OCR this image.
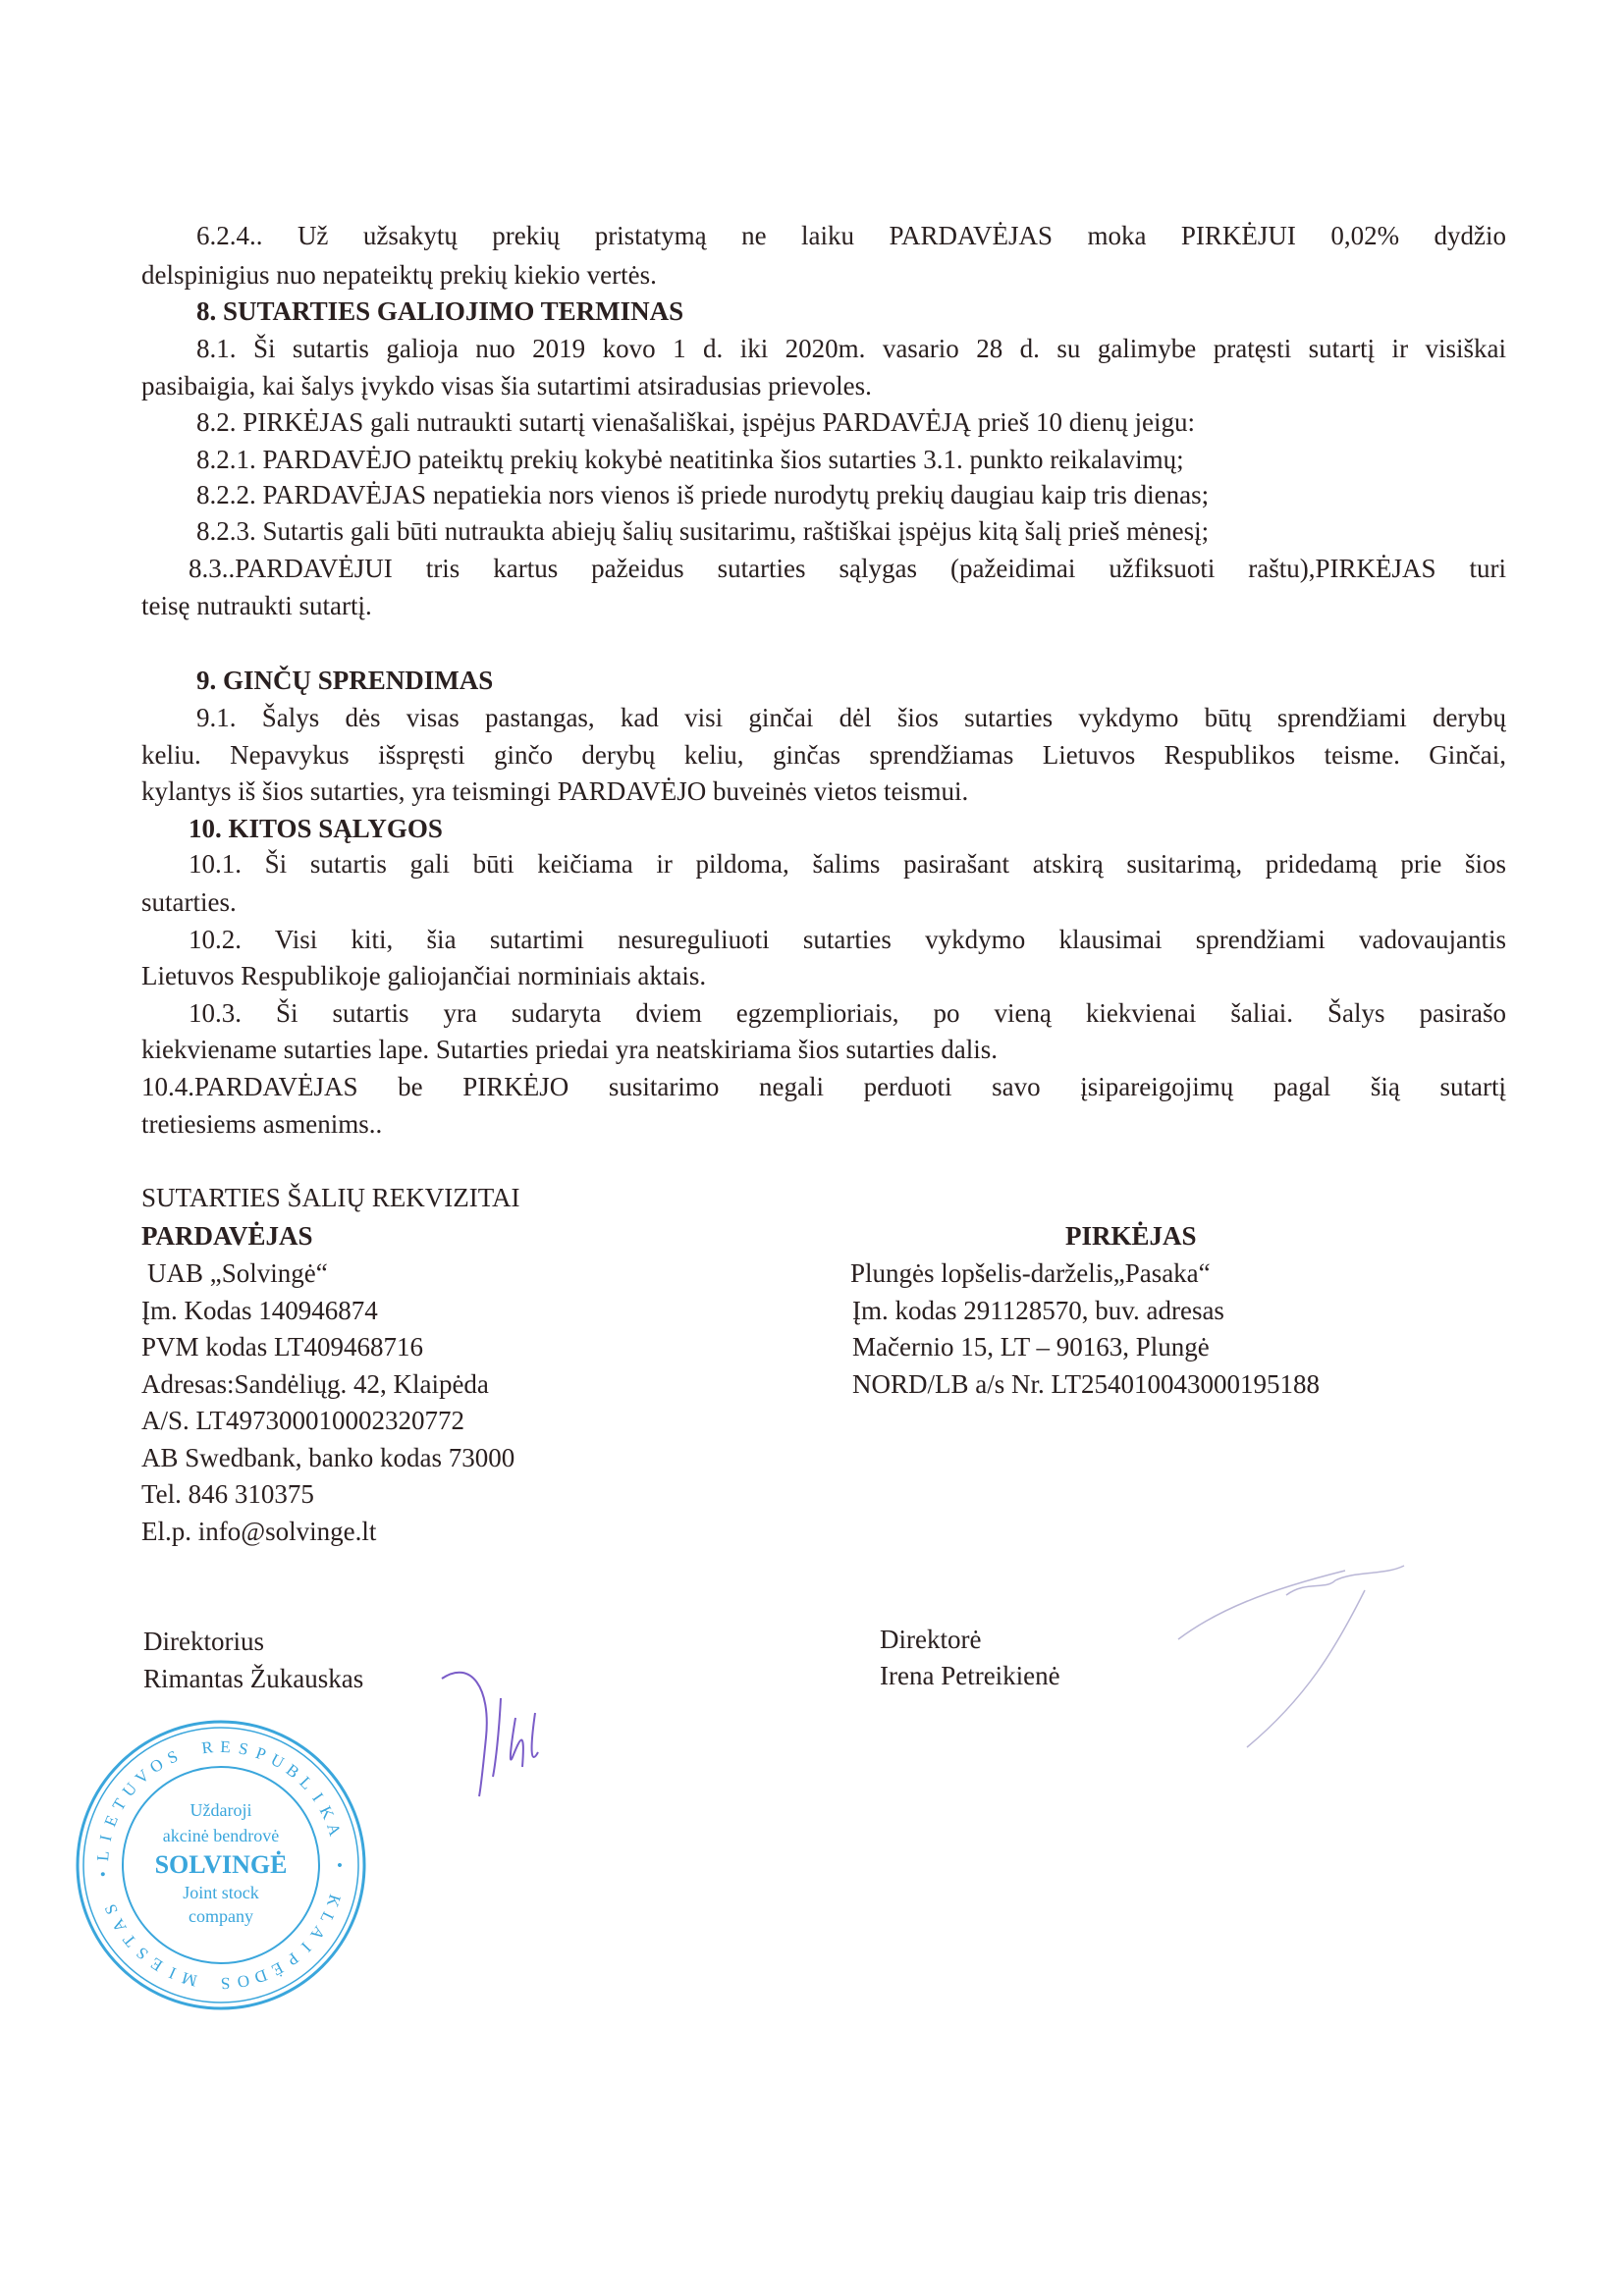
6.2.4.. Už užsakytų prekių pristatymą ne laiku PARDAVĖJAS moka PIRKĖJUI 0,02% dydžio
delspinigius nuo nepateiktų prekių kiekio vertės.
8. SUTARTIES GALIOJIMO TERMINAS
8.1. Ši sutartis galioja nuo 2019 kovo 1 d. iki 2020m. vasario 28 d. su galimybe pratęsti sutartį ir visiškai
pasibaigia, kai šalys įvykdo visas šia sutartimi atsiradusias prievoles.
8.2. PIRKĖJAS gali nutraukti sutartį vienašališkai, įspėjus PARDAVĖJĄ prieš 10 dienų jeigu:
8.2.1. PARDAVĖJO pateiktų prekių kokybė neatitinka šios sutarties 3.1. punkto reikalavimų;
8.2.2. PARDAVĖJAS nepatiekia nors vienos iš priede nurodytų prekių daugiau kaip tris dienas;
8.2.3. Sutartis gali būti nutraukta abiejų šalių susitarimu, raštiškai įspėjus kitą šalį prieš mėnesį;
8.3..PARDAVĖJUI tris kartus pažeidus sutarties sąlygas (pažeidimai užfiksuoti raštu),PIRKĖJAS turi
teisę nutraukti sutartį.
9. GINČŲ SPRENDIMAS
9.1. Šalys dės visas pastangas, kad visi ginčai dėl šios sutarties vykdymo būtų sprendžiami derybų
keliu. Nepavykus išspręsti ginčo derybų keliu, ginčas sprendžiamas Lietuvos Respublikos teisme. Ginčai,
kylantys iš šios sutarties, yra teismingi PARDAVĖJO buveinės vietos teismui.
10. KITOS SĄLYGOS
10.1. Ši sutartis gali būti keičiama ir pildoma, šalims pasirašant atskirą susitarimą, pridedamą prie šios
sutarties.
10.2. Visi kiti, šia sutartimi nesureguliuoti sutarties vykdymo klausimai sprendžiami vadovaujantis
Lietuvos Respublikoje galiojančiai norminiais aktais.
10.3. Ši sutartis yra sudaryta dviem egzemplioriais, po vieną kiekvienai šaliai. Šalys pasirašo
kiekviename sutarties lape. Sutarties priedai yra neatskiriama šios sutarties dalis.
10.4.PARDAVĖJAS be PIRKĖJO susitarimo negali perduoti savo įsipareigojimų pagal šią sutartį
tretiesiems asmenims..
SUTARTIES ŠALIŲ REKVIZITAI
PARDAVĖJAS
UAB „Solvingė“
Įm. Kodas 140946874
PVM kodas LT409468716
Adresas:Sandėliųg. 42, Klaipėda
A/S. LT497300010002320772
AB Swedbank, banko kodas 73000
Tel. 846 310375
El.p. info@solvinge.lt
PIRKĖJAS
Plungės lopšelis-darželis„Pasaka“
Įm. kodas 291128570, buv. adresas
Mačernio 15, LT – 90163, Plungė
NORD/LB a/s Nr. LT254010043000195188
L
I
E
T
U
V
O
S R E S P U
B
L
I
K
A
•
K
L
A
I
P
Ė
D
O
S
M
I
E
S
T
A
S
•
Uždaroji
akcinė bendrovė
SOLVINGĖ
Joint stock
company
Direktorius
Rimantas Žukauskas
Direktorė
Irena Petreikienė
